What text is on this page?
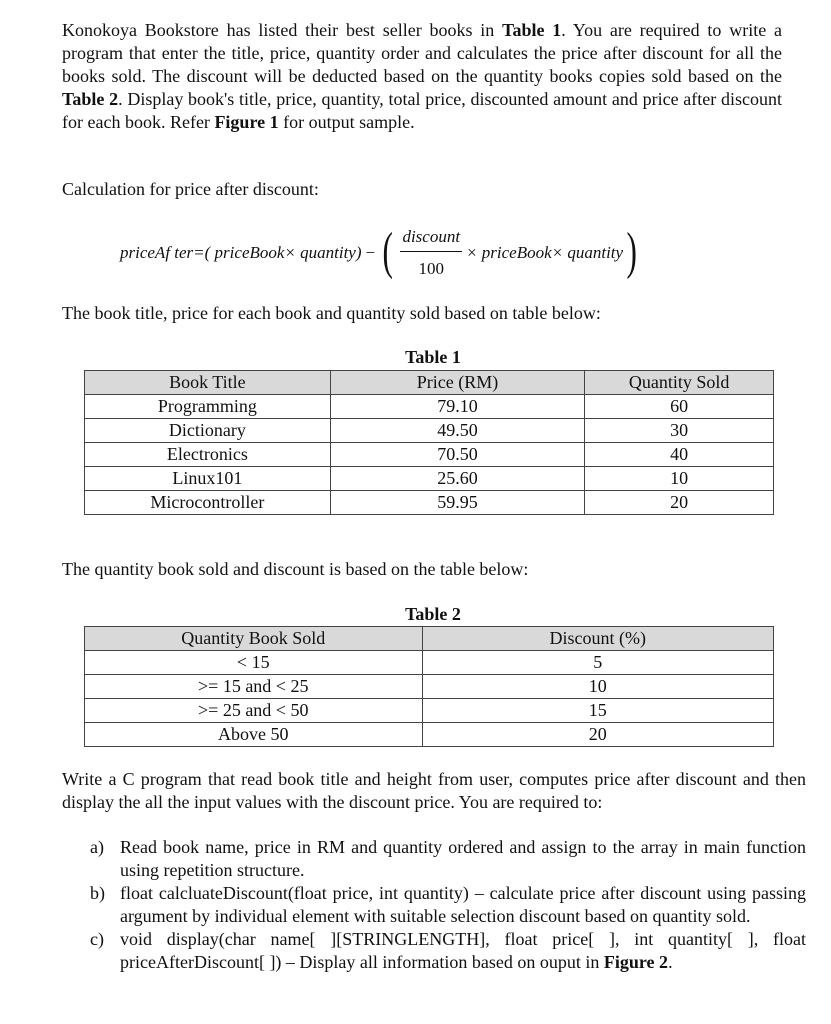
Konokoya Bookstore has listed their best seller books in Table 1. You are required to write a program that enter the title, price, quantity order and calculates the price after discount for all the books sold. The discount will be deducted based on the quantity books copies sold based on the Table 2. Display book's title, price, quantity, total price, discounted amount and price after discount for each book. Refer Figure 1 for output sample.

Calculation for price after discount:

priceAf ter=( priceBook× quantity) − ( $\frac{\text{discount}}{100}$ × priceBook× quantity )

The book title, price for each book and quantity sold based on table below:

Table 1

Book Title	Price (RM)	Quantity Sold
Programming	79.10	60
Dictionary	49.50	30
Electronics	70.50	40
Linux101	25.60	10
Microcontroller	59.95	20

The quantity book sold and discount is based on the table below:

Table 2

Quantity Book Sold	Discount (%)
< 15	5
>= 15 and < 25	10
>= 25 and < 50	15
Above 50	20

Write a C program that read book title and height from user, computes price after discount and then display the all the input values with the discount price. You are required to:

a) Read book name, price in RM and quantity ordered and assign to the array in main function using repetition structure.
b) float calcluateDiscount(float price, int quantity) – calculate price after discount using passing argument by individual element with suitable selection discount based on quantity sold.
c) void display(char name[ ][STRINGLENGTH], float price[ ], int quantity[ ], float priceAfterDiscount[ ]) – Display all information based on ouput in Figure 2.
